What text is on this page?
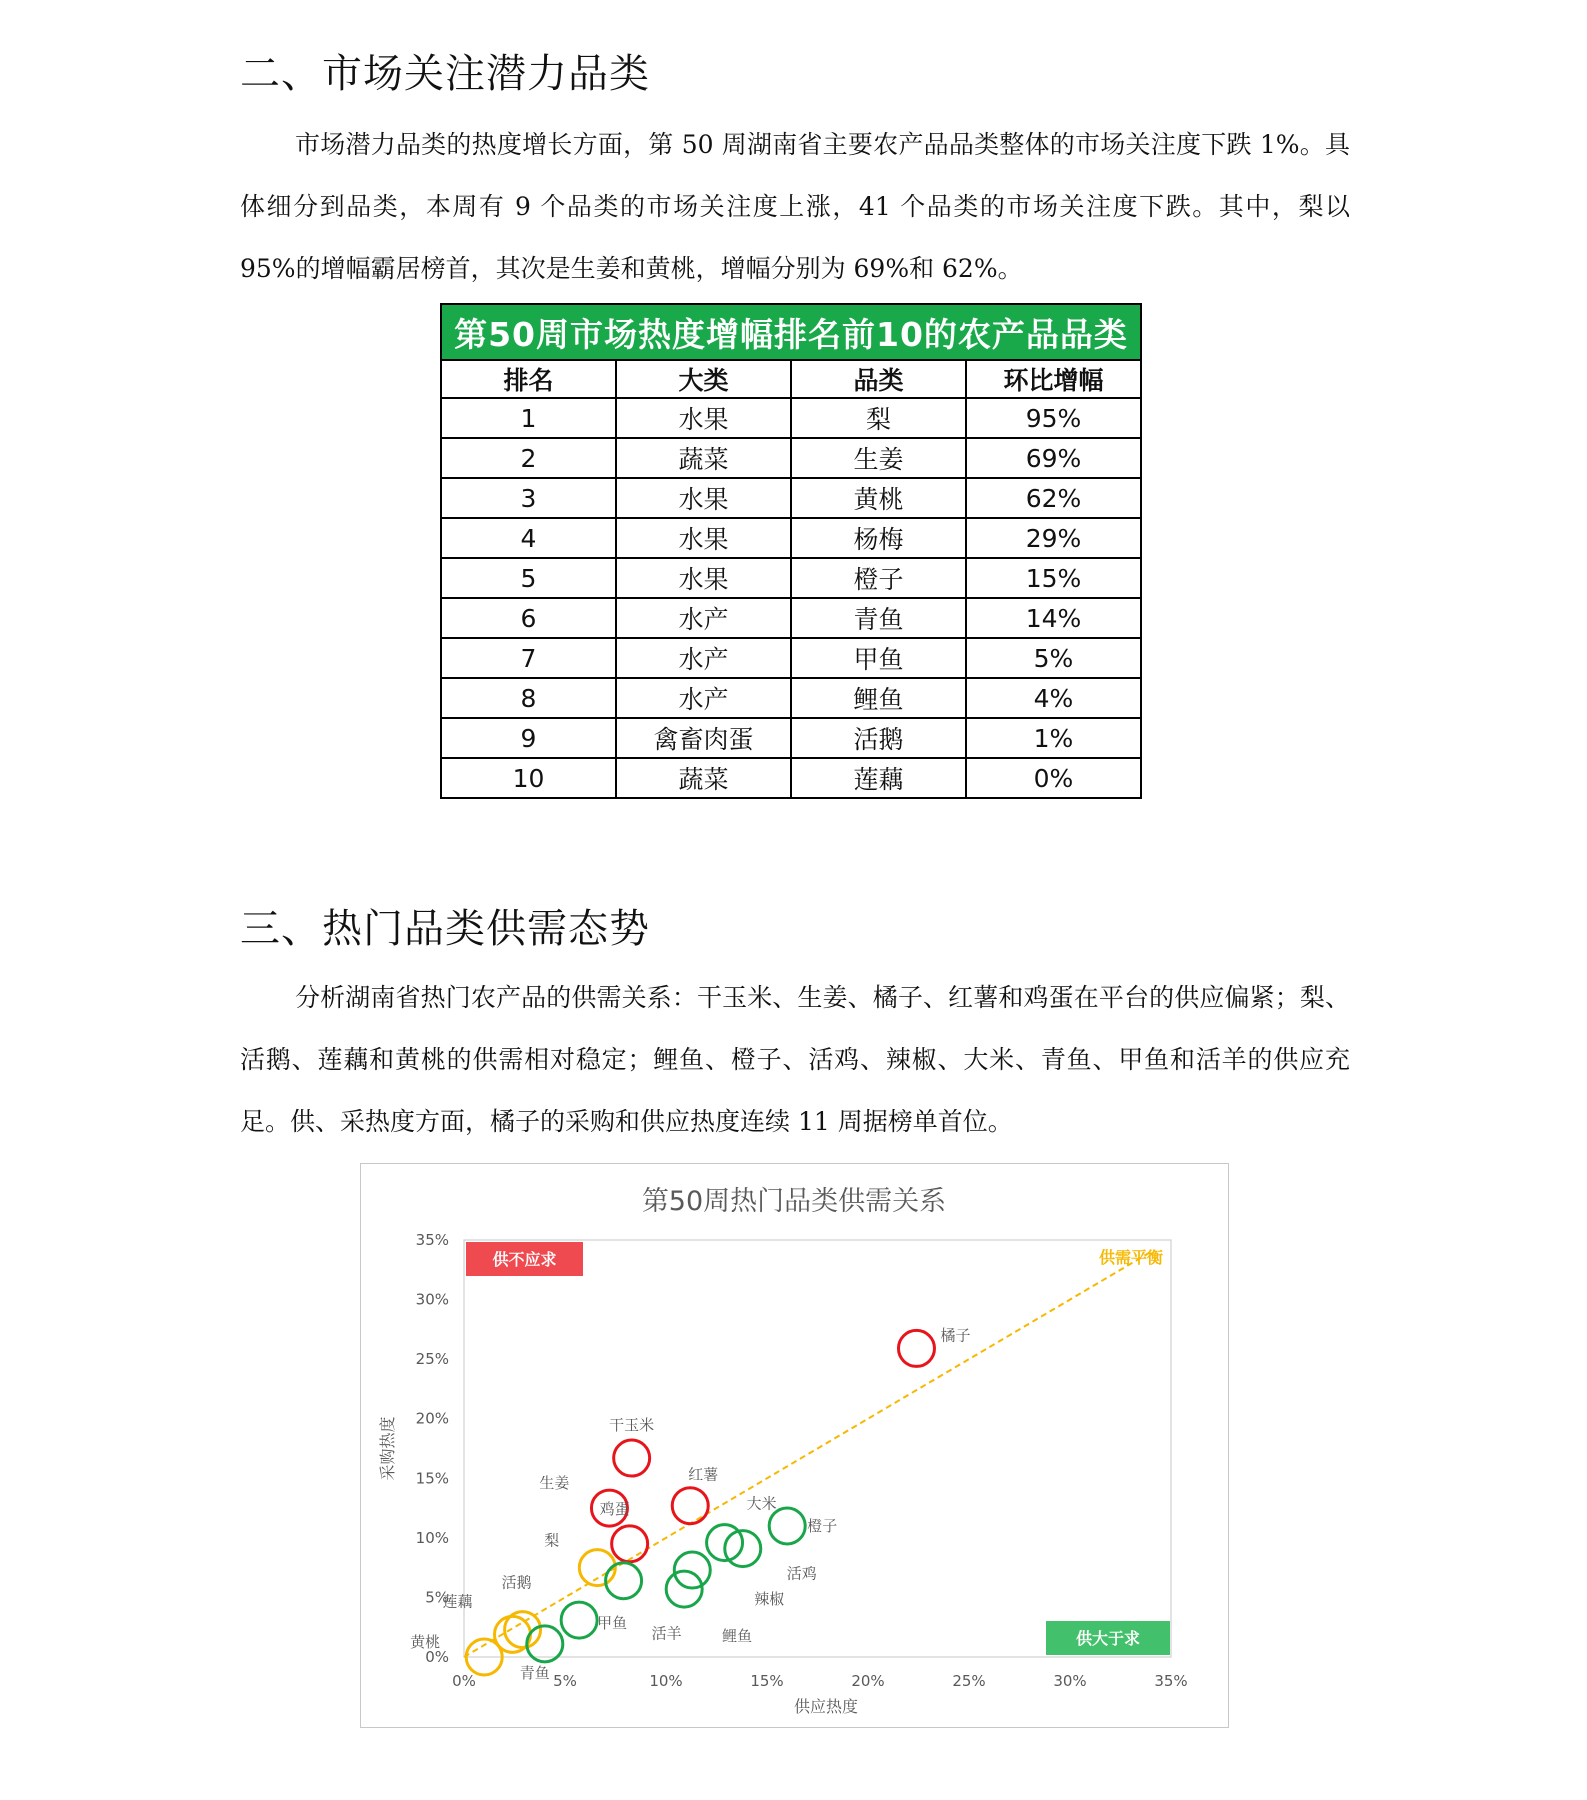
二、市场关注潜力品类

市场潜力品类的热度增长方面，第 50 周湖南省主要农产品品类整体的市场关注度下跌 1%。具体细分到品类，本周有 9 个品类的市场关注度上涨，41 个品类的市场关注度下跌。其中，梨以 95%的增幅霸居榜首，其次是生姜和黄桃，增幅分别为 69%和 62%。

第50周市场热度增幅排名前10的农产品品类			
排名	大类	品类	环比增幅
1	水果	梨	95%
2	蔬菜	生姜	69%
3	水果	黄桃	62%
4	水果	杨梅	29%
5	水果	橙子	15%
6	水产	青鱼	14%
7	水产	甲鱼	5%
8	水产	鲤鱼	4%
9	禽畜肉蛋	活鹅	1%
10	蔬菜	莲藕	0%
三、热门品类供需态势

分析湖南省热门农产品的供需关系：干玉米、生姜、橘子、红薯和鸡蛋在平台的供应偏紧；梨、活鹅、莲藕和黄桃的供需相对稳定；鲤鱼、橙子、活鸡、辣椒、大米、青鱼、甲鱼和活羊的供应充足。供、采热度方面，橘子的采购和供应热度连续 11 周据榜单首位。

第50周热门品类供需关系
0%
5%
10%
15%
20%
25%
30%
35%
0%	5%	10%	15%	20%	25%	30%	35%
供应热度
采购热度
供需平衡
供不应求
供大于求
橘子
干玉米
生姜	红薯
鸡蛋
梨
活鹅
莲藕
黄桃
大米
橙子
活鸡
辣椒
鲤鱼
活羊
甲鱼
青鱼
